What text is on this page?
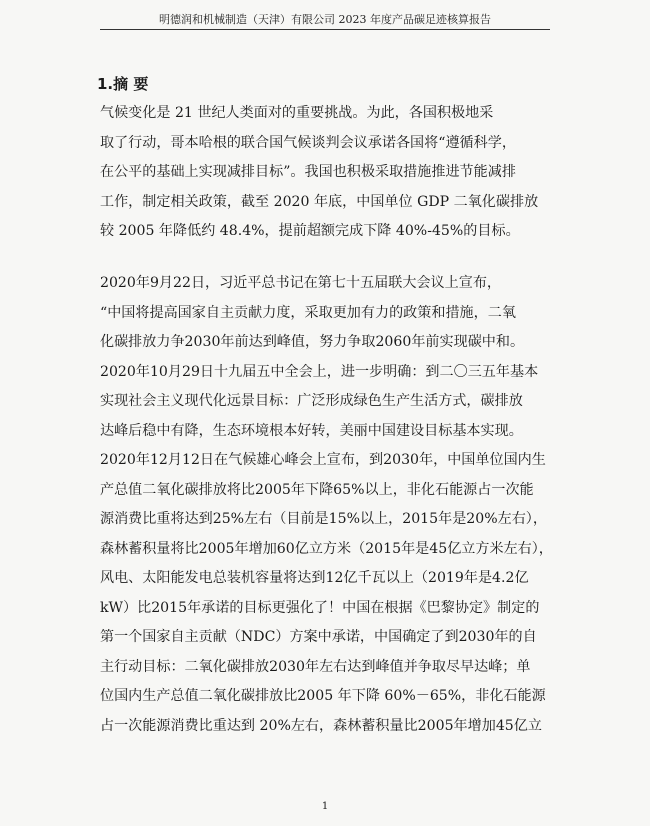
明德润和机械制造（天津）有限公司 2023 年度产品碳足迹核算报告
1.摘 要
气候变化是 21 世纪人类面对的重要挑战。为此，各国积极地采
取了行动，哥本哈根的联合国气候谈判会议承诺各国将“遵循科学，
在公平的基础上实现减排目标”。我国也积极采取措施推进节能减排
工作，制定相关政策，截至 2020 年底，中国单位 GDP 二氧化碳排放
较 2005 年降低约 48.4%，提前超额完成下降 40%-45%的目标。
2020年9月22日，习近平总书记在第七十五届联大会议上宣布，
“中国将提高国家自主贡献力度，采取更加有力的政策和措施，二氧
化碳排放力争2030年前达到峰值，努力争取2060年前实现碳中和。
2020年10月29日十九届五中全会上，进一步明确：到二〇三五年基本
实现社会主义现代化远景目标：广泛形成绿色生产生活方式，碳排放
达峰后稳中有降，生态环境根本好转，美丽中国建设目标基本实现。
2020年12月12日在气候雄心峰会上宣布，到2030年，中国单位国内生
产总值二氧化碳排放将比2005年下降65%以上，非化石能源占一次能
源消费比重将达到25%左右（目前是15%以上，2015年是20%左右），
森林蓄积量将比2005年增加60亿立方米（2015年是45亿立方米左右），
风电、太阳能发电总装机容量将达到12亿千瓦以上（2019年是4.2亿
kW）比2015年承诺的目标更强化了！中国在根据《巴黎协定》制定的
第一个国家自主贡献（NDC）方案中承诺，中国确定了到2030年的自
主行动目标：二氧化碳排放2030年左右达到峰值并争取尽早达峰；单
位国内生产总值二氧化碳排放比2005 年下降 60%－65%，非化石能源
占一次能源消费比重达到 20%左右，森林蓄积量比2005年增加45亿立
1
